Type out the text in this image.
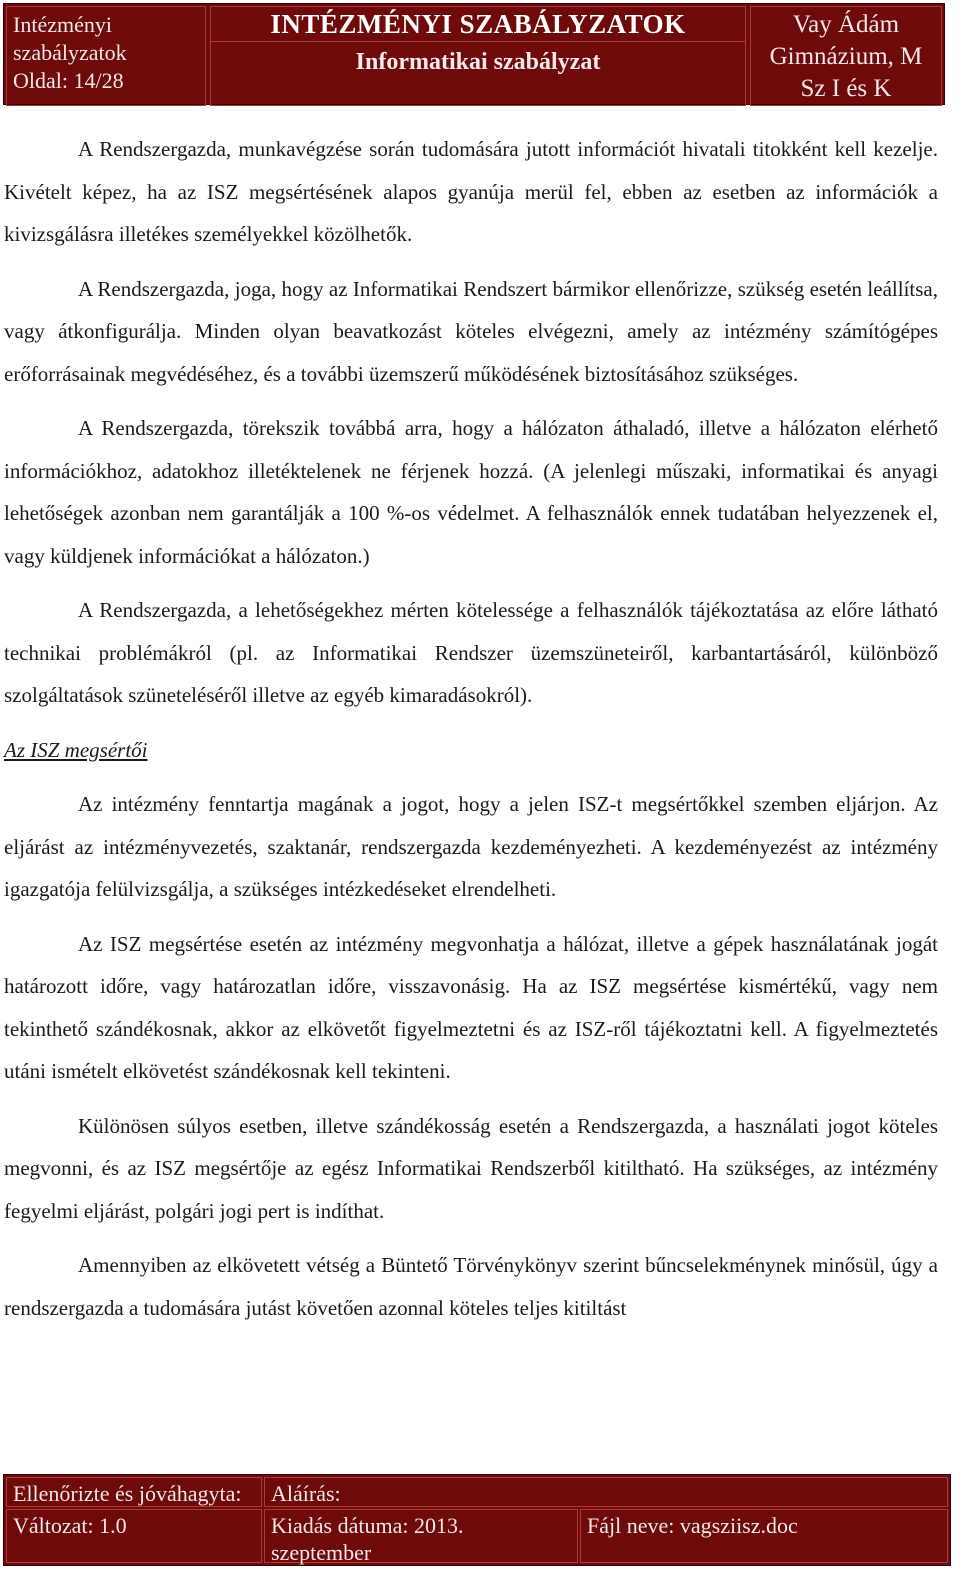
Intézményi
szabályzatok
Oldal: 14/28
INTÉZMÉNYI SZABÁLYZATOK
Informatikai szabályzat
Vay Ádám
Gimnázium, M
Sz I és K

A Rendszergazda, munkavégzése során tudomására jutott információt hivatali titokként kell kezelje. Kivételt képez, ha az ISZ megsértésének alapos gyanúja merül fel, ebben az esetben az információk a kivizsgálásra illetékes személyekkel közölhetők.

A Rendszergazda, joga, hogy az Informatikai Rendszert bármikor ellenőrizze, szükség esetén leállítsa, vagy átkonfigurálja. Minden olyan beavatkozást köteles elvégezni, amely az intézmény számítógépes erőforrásainak megvédéséhez, és a további üzemszerű működésének biztosításához szükséges.

A Rendszergazda, törekszik továbbá arra, hogy a hálózaton áthaladó, illetve a hálózaton elérhető információkhoz, adatokhoz illetéktelenek ne férjenek hozzá. (A jelenlegi műszaki, informatikai és anyagi lehetőségek azonban nem garantálják a 100 %-os védelmet. A felhasználók ennek tudatában helyezzenek el, vagy küldjenek információkat a hálózaton.)

A Rendszergazda, a lehetőségekhez mérten kötelessége a felhasználók tájékoztatása az előre látható technikai problémákról (pl. az Informatikai Rendszer üzemszüneteiről, karbantartásáról, különböző szolgáltatások szüneteléséről illetve az egyéb kimaradásokról).

Az ISZ megsértői

Az intézmény fenntartja magának a jogot, hogy a jelen ISZ-t megsértőkkel szemben eljárjon. Az eljárást az intézményvezetés, szaktanár, rendszergazda kezdeményezheti. A kezdeményezést az intézmény igazgatója felülvizsgálja, a szükséges intézkedéseket elrendelheti.

Az ISZ megsértése esetén az intézmény megvonhatja a hálózat, illetve a gépek használatának jogát határozott időre, vagy határozatlan időre, visszavonásig. Ha az ISZ megsértése kismértékű, vagy nem tekinthető szándékosnak, akkor az elkövetőt figyelmeztetni és az ISZ-ről tájékoztatni kell. A figyelmeztetés utáni ismételt elkövetést szándékosnak kell tekinteni.

Különösen súlyos esetben, illetve szándékosság esetén a Rendszergazda, a használati jogot köteles megvonni, és az ISZ megsértője az egész Informatikai Rendszerből kitiltható. Ha szükséges, az intézmény fegyelmi eljárást, polgári jogi pert is indíthat.

Amennyiben az elkövetett vétség a Büntető Törvénykönyv szerint bűncselekménynek minősül, úgy a rendszergazda a tudomására jutást követően azonnal köteles teljes kitiltást

Ellenőrizte és jóváhagyta:	Aláírás:
Változat: 1.0	Kiadás dátuma: 2013.
szeptember
Fájl neve: vagsziisz.doc
